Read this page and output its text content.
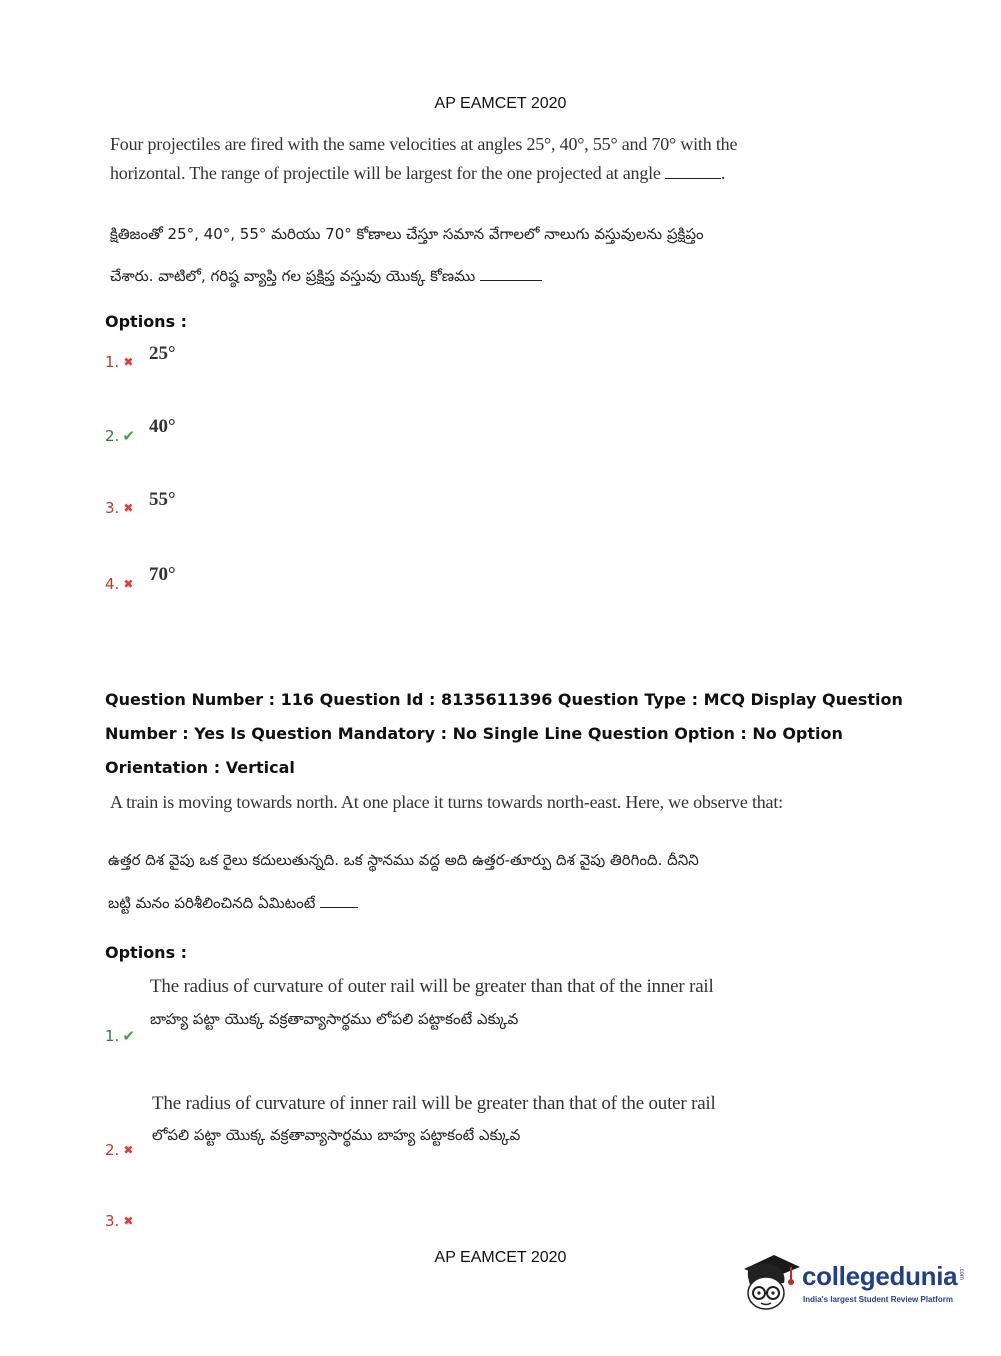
AP EAMCET 2020
Four projectiles are fired with the same velocities at angles 25°, 40°, 55° and 70° with the
horizontal. The range of projectile will be largest for the one projected at angle	.
క్షితిజంతో 25°, 40°, 55° మరియు 70° కోణాలు చేస్తూ సమాన వేగాలలో నాలుగు వస్తువులను ప్రక్షిప్తం
చేశారు. వాటిలో, గరిష్ఠ వ్యాప్తి గల ప్రక్షిప్త వస్తువు యొక్క కోణము
Options :
1. ✖ 25°
2. ✔ 40°
3. ✖ 55°
4. ✖ 70°
Question Number : 116 Question Id : 8135611396 Question Type : MCQ Display Question
Number : Yes Is Question Mandatory : No Single Line Question Option : No Option
Orientation : Vertical
A train is moving towards north. At one place it turns towards north-east. Here, we observe that:
ఉత్తర దిశ వైపు ఒక రైలు కదులుతున్నది. ఒక స్థానము వద్ద అది ఉత్తర-తూర్పు దిశ వైపు తిరిగింది. దీనిని
బట్టి మనం పరిశీలించినది ఏమిటంటే
Options :
The radius of curvature of outer rail will be greater than that of the inner rail
బాహ్య పట్టా యొక్క వక్రతావ్యాసార్థము లోపలి పట్టాకంటే ఎక్కువ
1. ✔
The radius of curvature of inner rail will be greater than that of the outer rail
లోపలి పట్టా యొక్క వక్రతావ్యాసార్థము బాహ్య పట్టాకంటే ఎక్కువ
2. ✖
3. ✖
AP EAMCET 2020
collegedunia .com
India's largest Student Review Platform
